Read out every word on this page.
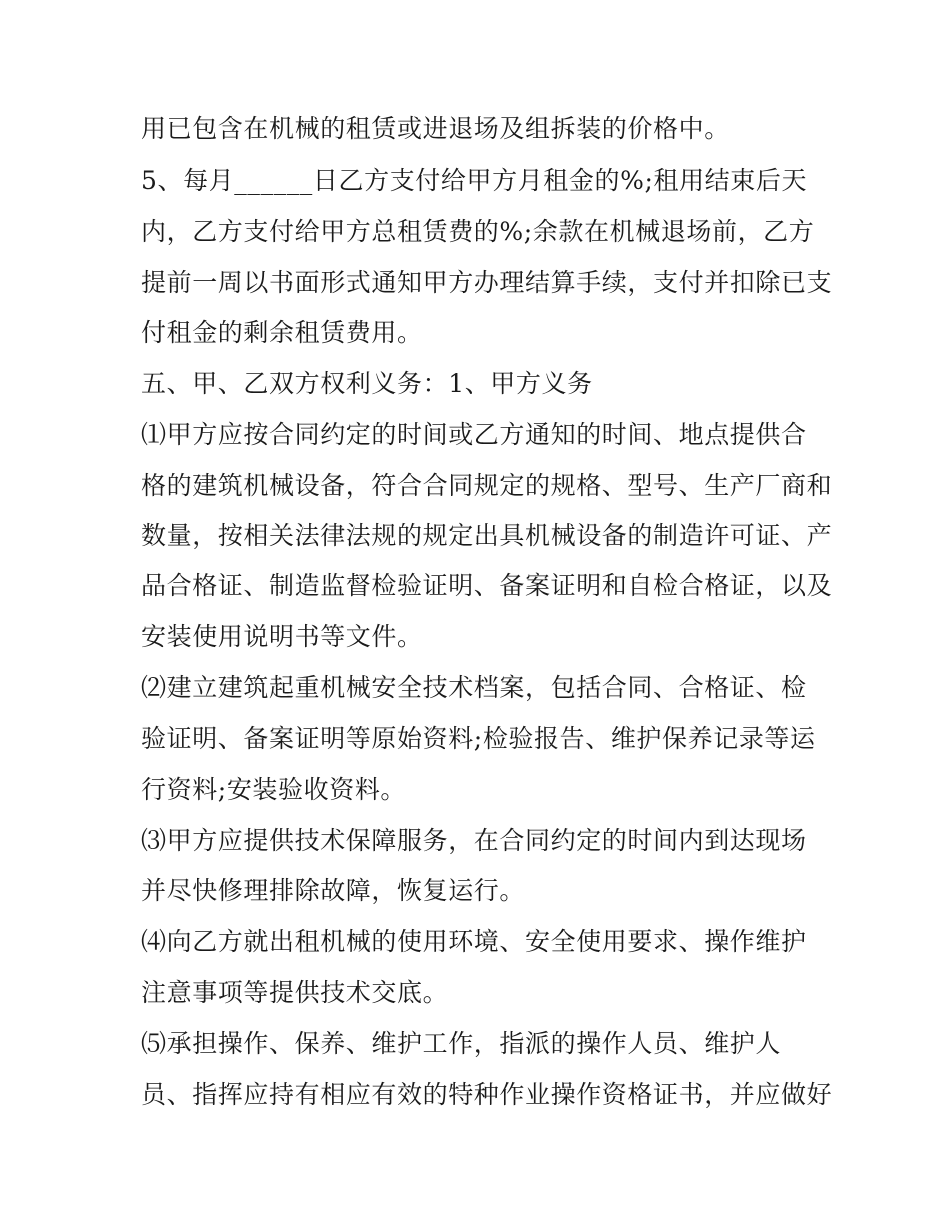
用已包含在机械的租赁或进退场及组拆装的价格中。
5、每月______日乙方支付给甲方月租金的%;租用结束后天
内，乙方支付给甲方总租赁费的%;余款在机械退场前，乙方
提前一周以书面形式通知甲方办理结算手续，支付并扣除已支
付租金的剩余租赁费用。
五、甲、乙双方权利义务：1、甲方义务
⑴甲方应按合同约定的时间或乙方通知的时间、地点提供合
格的建筑机械设备，符合合同规定的规格、型号、生产厂商和
数量，按相关法律法规的规定出具机械设备的制造许可证、产
品合格证、制造监督检验证明、备案证明和自检合格证，以及
安装使用说明书等文件。
⑵建立建筑起重机械安全技术档案，包括合同、合格证、检
验证明、备案证明等原始资料;检验报告、维护保养记录等运
行资料;安装验收资料。
⑶甲方应提供技术保障服务，在合同约定的时间内到达现场
并尽快修理排除故障，恢复运行。
⑷向乙方就出租机械的使用环境、安全使用要求、操作维护
注意事项等提供技术交底。
⑸承担操作、保养、维护工作，指派的操作人员、维护人
员、指挥应持有相应有效的特种作业操作资格证书，并应做好
